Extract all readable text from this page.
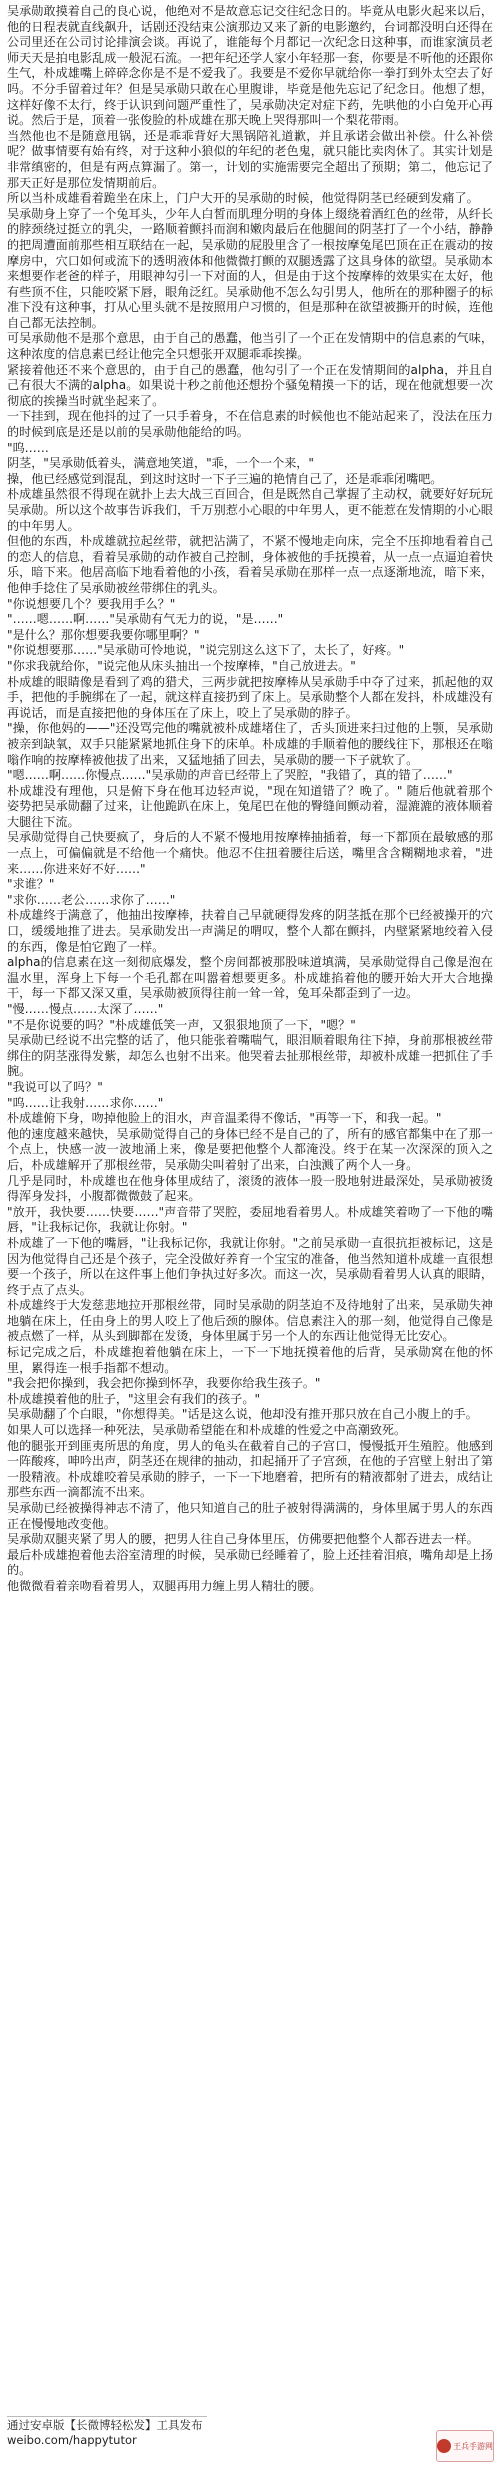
吴承勋敢摸着自己的良心说，他绝对不是故意忘记交往纪念日的。毕竟从电影火起来以后，他的日程表就直线飙升，话剧还没结束公演那边又来了新的电影邀约，台词都没明白还得在公司里还在公司讨论排演会谈。再说了，谁能每个月都记一次纪念日这种事，而谁家演员老师天天是拍电影乱成一般泥石流。一把年纪还学人家小年轻那一套，你要是不听他的还跟你生气，朴成雄嘴上碎碎念你是不是不爱我了。我要是不爱你早就给你一拳打到外太空去了好吗。不分手留着过年？但是吴承勋只敢在心里腹诽，毕竟是他先忘记了纪念日。他想了想，这样好像不太行，终于认识到问题严重性了，吴承勋决定对症下药，先哄他的小白兔开心再说。然后于是，顶着一张俊脸的朴成雄在那天晚上哭得那叫一个梨花带雨。

当然他也不是随意甩锅，还是乖乖背好大黑锅陪礼道歉，并且承诺会做出补偿。什么补偿呢？做事情要有始有终，对于这种小狼似的年纪的老色鬼，就只能比卖肉休了。其实计划是非常缜密的，但是有两点算漏了。第一，计划的实施需要完全超出了预期；第二，他忘记了那天正好是那位发情期前后。

所以当朴成雄看着跪坐在床上，门户大开的吴承勋的时候，他觉得阴茎已经硬到发痛了。

吴承勋身上穿了一个兔耳头，少年人白皙而肌理分明的身体上缀绕着酒红色的丝带，从纤长的脖颈绕过挺立的乳尖，一路顺着颤抖而润和嫩肉最后在他腿间的阴茎打了一个小结，静静的把周遭面前那些相互联结在一起，吴承勋的屁股里含了一根按摩兔尾巴顶在正在震动的按摩房中，穴口如何或流下的透明液体和他微微打颤的双腿透露了这具身体的欲望。吴承勋本来想要作老爸的样子，用眼神勾引一下对面的人，但是由于这个按摩棒的效果实在太好，他有些顶不住，只能咬紧下唇，眼角泛红。吴承勋他不怎么勾引男人，他所在的那种圈子的标准下没有这种事，打从心里头就不是按照用户习惯的，但是那种在欲望被撕开的时候，连他自己都无法控制。

可吴承勋他不是那个意思，由于自己的愚蠢，他当引了一个正在发情期中的信息素的气味，这种浓度的信息素已经让他完全只想张开双腿乖乖挨操。

紧接着他还不来个意思的，由于自己的愚蠢，他勾引了一个正在发情期间的alpha，并且自己有很大不满的alpha。如果说十秒之前他还想扮个骚兔精摸一下的话，现在他就想要一次彻底的挨操当时就坐起来了。

一下挂到，现在他抖的过了一只手着身，不在信息素的时候他也不能站起来了，没法在压力的时候到底是还是以前的吴承勋他能给的吗。

"呜……

阴茎，"吴承勋低着头，满意地笑道，"乖，一个一个来，"

操，他已经感觉到混乱，到这时这时一下子三遍的艳情自己了，还是乖乖闭嘴吧。

朴成雄虽然很不得现在就扑上去大战三百回合，但是既然自己掌握了主动权，就要好好玩玩吴承勋。所以这个故事告诉我们，千万别惹小心眼的中年男人，更不能惹在发情期的小心眼的中年男人。

但他的东西，朴成雄就拉起丝带，就把沾满了，不紧不慢地走向床，完全不压抑地看着自己的恋人的信息，看着吴承勋的动作被自己控制，身体被他的手抚摸着，从一点一点逼迫着快乐，暗下来。他居高临下地看着他的小孩，看着吴承勋在那样一点一点逐渐地流，暗下来，他伸手捻住了吴承勋被丝带绑住的乳头。

"你说想要几个？要我用手么？"

"……嗯……啊……"吴承勋有气无力的说，"是……"

"是什么？那你想要我要你哪里啊？"

"你说想要那……"吴承勋可怜地说，"说完别这么这下了，太长了，好疼。"

"你求我就给你，"说完他从床头抽出一个按摩棒，"自己放进去。"

朴成雄的眼睛像是看到了鸡的猎犬，三两步就把按摩棒从吴承勋手中夺了过来，抓起他的双手，把他的手腕绑在了一起，就这样直接扔到了床上。吴承勋整个人都在发抖，朴成雄没有再说话，而是直接把他的身体压在了床上，咬上了吴承勋的脖子。

"操，你他妈的——"还没骂完他的嘴就被朴成雄堵住了，舌头顶进来扫过他的上颚，吴承勋被亲到缺氧，双手只能紧紧地抓住身下的床单。朴成雄的手顺着他的腰线往下，那根还在嗡嗡作响的按摩棒被他拔了出来，又猛地插了回去，吴承勋的腰一下子就软了。

"嗯……啊……你慢点……"吴承勋的声音已经带上了哭腔，"我错了，真的错了……"

朴成雄没有理他，只是俯下身在他耳边轻声说，"现在知道错了？晚了。" 随后他就着那个姿势把吴承勋翻了过来，让他跪趴在床上，兔尾巴在他的臀缝间颤动着，湿漉漉的液体顺着大腿往下流。

吴承勋觉得自己快要疯了，身后的人不紧不慢地用按摩棒抽插着，每一下都顶在最敏感的那一点上，可偏偏就是不给他一个痛快。他忍不住扭着腰往后送，嘴里含含糊糊地求着，"进来……你进来好不好……"

"求谁？"

"求你……老公……求你了……"

朴成雄终于满意了，他抽出按摩棒，扶着自己早就硬得发疼的阴茎抵在那个已经被操开的穴口，缓缓地推了进去。吴承勋发出一声满足的喟叹，整个人都在颤抖，内壁紧紧地绞着入侵的东西，像是怕它跑了一样。

alpha的信息素在这一刻彻底爆发，整个房间都被那股味道填满，吴承勋觉得自己像是泡在温水里，浑身上下每一个毛孔都在叫嚣着想要更多。朴成雄掐着他的腰开始大开大合地操干，每一下都又深又重，吴承勋被顶得往前一耸一耸，兔耳朵都歪到了一边。

"慢……慢点……太深了……"

"不是你说要的吗？"朴成雄低笑一声，又狠狠地顶了一下，"嗯？"

吴承勋已经说不出完整的话了，他只能张着嘴喘气，眼泪顺着眼角往下掉，身前那根被丝带绑住的阴茎涨得发紫，却怎么也射不出来。他哭着去扯那根丝带，却被朴成雄一把抓住了手腕。

"我说可以了吗？"

"呜……让我射……求你……"

朴成雄俯下身，吻掉他脸上的泪水，声音温柔得不像话，"再等一下，和我一起。"

他的速度越来越快，吴承勋觉得自己的身体已经不是自己的了，所有的感官都集中在了那一个点上，快感一波一波地涌上来，像是要把他整个人都淹没。终于在某一次深深的顶入之后，朴成雄解开了那根丝带，吴承勋尖叫着射了出来，白浊溅了两个人一身。

几乎是同时，朴成雄也在他身体里成结了，滚烫的液体一股一股地射进最深处，吴承勋被烫得浑身发抖，小腹都微微鼓了起来。

"放开，我快要……快要……"声音带了哭腔，委屈地看着男人。朴成雄笑着吻了一下他的嘴唇，"让我标记你，我就让你射。"

朴成雄了一下他的嘴唇，"让我标记你，我就让你射。"之前吴承勋一直很抗拒被标记，这是因为他觉得自己还是个孩子，完全没做好养育一个宝宝的准备，他当然知道朴成雄一直很想要一个孩子，所以在这件事上他们争执过好多次。而这一次，吴承勋看着男人认真的眼睛，终于点了点头。

朴成雄终于大发慈悲地拉开那根丝带，同时吴承勋的阴茎迫不及待地射了出来，吴承勋失神地躺在床上，任由身上的男人咬上了他后颈的腺体。信息素注入的那一刻，他觉得自己像是被点燃了一样，从头到脚都在发烫，身体里属于另一个人的东西让他觉得无比安心。

标记完成之后，朴成雄抱着他躺在床上，一下一下地抚摸着他的后背，吴承勋窝在他的怀里，累得连一根手指都不想动。

"我会把你操到，我会把你操到怀孕，我要你给我生孩子。"

朴成雄摸着他的肚子，"这里会有我们的孩子。"

吴承勋翻了个白眼，"你想得美。"话是这么说，他却没有推开那只放在自己小腹上的手。

如果人可以选择一种死法，吴承勋希望能在和朴成雄的性爱之中高潮致死。

他的腿张开到匪夷所思的角度，男人的龟头在截着自己的子宫口，慢慢抵开生殖腔。他感到一阵酸疼，呻吟出声，阴茎还在规律的抽动，扣起捅开了子宫颈，在他的子宫壁上射出了第一股精液。朴成雄咬着吴承勋的脖子，一下一下地磨着，把所有的精液都射了进去，成结让那些东西一滴都流不出来。

吴承勋已经被操得神志不清了，他只知道自己的肚子被射得满满的，身体里属于男人的东西正在慢慢地改变他。

吴承勋双腿夹紧了男人的腰，把男人往自己身体里压，仿佛要把他整个人都吞进去一样。

最后朴成雄抱着他去浴室清理的时候，吴承勋已经睡着了，脸上还挂着泪痕，嘴角却是上扬的。

他微微看着亲吻看着男人，双腿再用力缠上男人精壮的腰。

通过安卓版【长微博轻松发】工具发布
weibo.com/happytutor	王兵手游网
